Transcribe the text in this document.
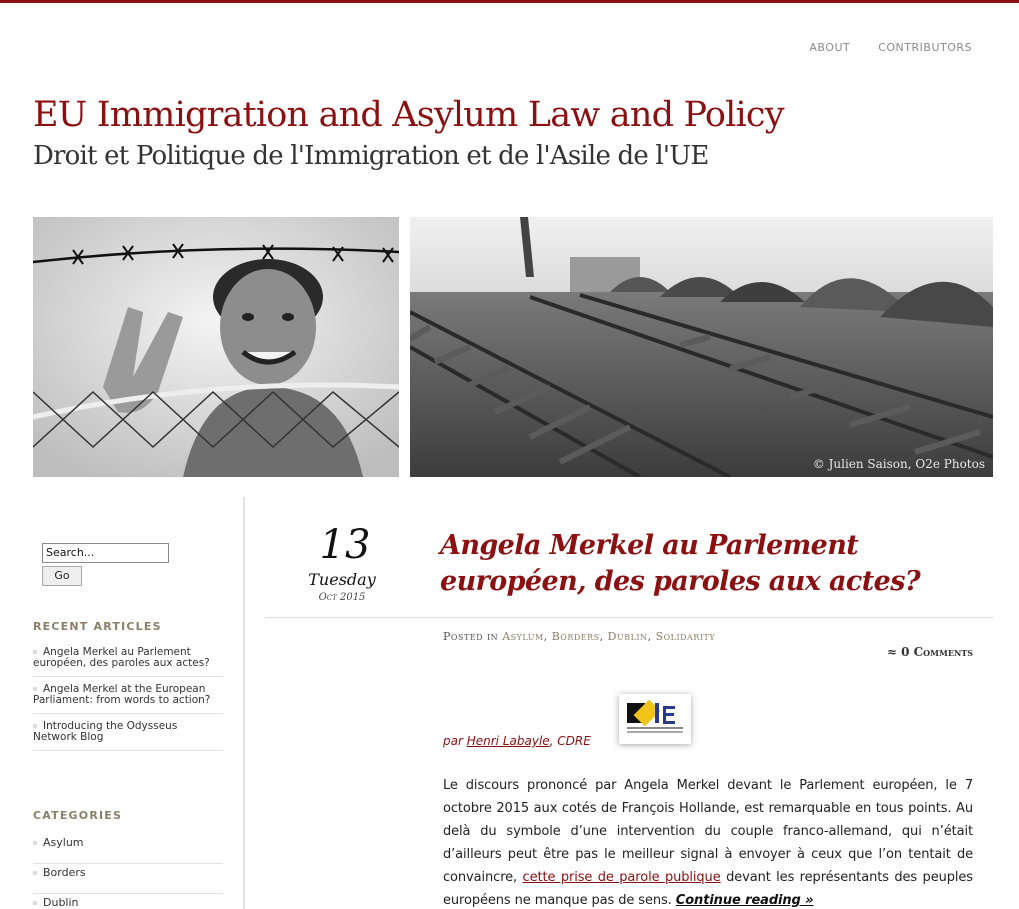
ABOUT	CONTRIBUTORS
EU Immigration and Asylum Law and Policy
Droit et Politique de l'Immigration et de l'Asile de l'UE
© Julien Saison, O2e Photos
Search...
Go
RECENT ARTICLES
Angela Merkel au Parlement européen, des paroles aux actes?
Angela Merkel at the European Parliament: from words to action?
Introducing the Odysseus Network Blog
CATEGORIES
Asylum
Borders
Dublin
13
Tuesday
Oct 2015
Angela Merkel au Parlement européen, des paroles aux actes?
Posted in Asylum, Borders, Dublin, Solidarity
≈ 0 Comments
par Henri Labayle, CDRE
Le discours prononcé par Angela Merkel devant le Parlement européen, le 7 octobre 2015 aux cotés de François Hollande, est remarquable en tous points. Au delà du symbole d’une intervention du couple franco-allemand, qui n’était d’ailleurs peut être pas le meilleur signal à envoyer à ceux que l’on tentait de convaincre, cette prise de parole publique devant les représentants des peuples européens ne manque pas de sens. Continue reading »
